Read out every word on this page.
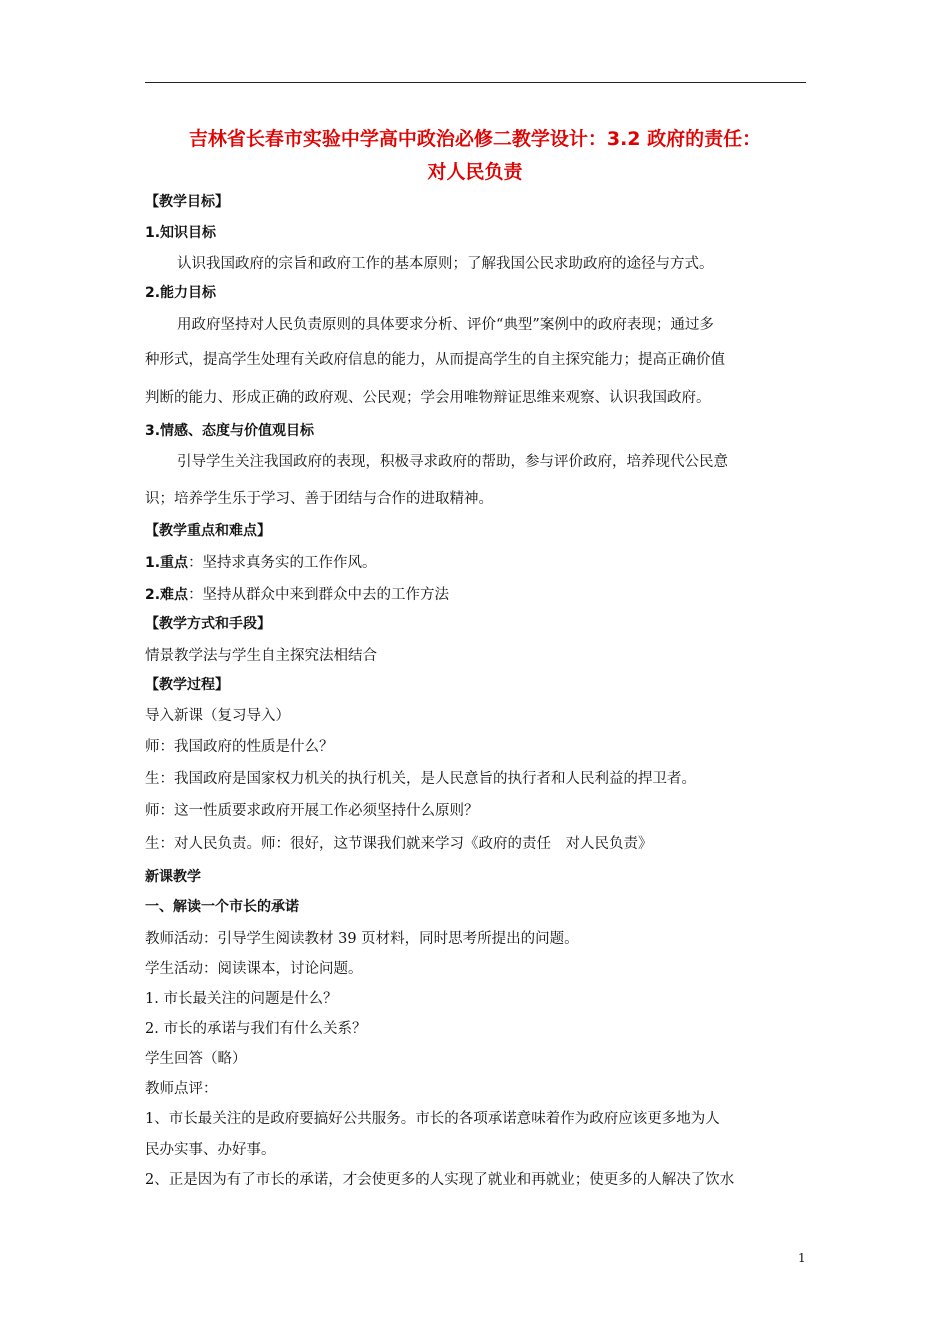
吉林省长春市实验中学高中政治必修二教学设计：3.2 政府的责任：
对人民负责
【教学目标】
1.知识目标
认识我国政府的宗旨和政府工作的基本原则；了解我国公民求助政府的途径与方式。
2.能力目标
用政府坚持对人民负责原则的具体要求分析、评价“典型”案例中的政府表现；通过多
种形式，提高学生处理有关政府信息的能力，从而提高学生的自主探究能力；提高正确价值
判断的能力、形成正确的政府观、公民观；学会用唯物辩证思维来观察、认识我国政府。
3.情感、态度与价值观目标
引导学生关注我国政府的表现，积极寻求政府的帮助，参与评价政府，培养现代公民意
识；培养学生乐于学习、善于团结与合作的进取精神。
【教学重点和难点】
1.重点：坚持求真务实的工作作风。
2.难点：坚持从群众中来到群众中去的工作方法
【教学方式和手段】
情景教学法与学生自主探究法相结合
【教学过程】
导入新课（复习导入）
师：我国政府的性质是什么？
生：我国政府是国家权力机关的执行机关，是人民意旨的执行者和人民利益的捍卫者。
师：这一性质要求政府开展工作必须坚持什么原则？
生：对人民负责。师：很好，这节课我们就来学习《政府的责任　对人民负责》
新课教学
一、解读一个市长的承诺
教师活动：引导学生阅读教材 39 页材料，同时思考所提出的问题。
学生活动：阅读课本，讨论问题。
1. 市长最关注的问题是什么？
2. 市长的承诺与我们有什么关系？
学生回答（略）
教师点评：
1、市长最关注的是政府要搞好公共服务。市长的各项承诺意味着作为政府应该更多地为人
民办实事、办好事。
2、正是因为有了市长的承诺，才会使更多的人实现了就业和再就业；使更多的人解决了饮水
1
